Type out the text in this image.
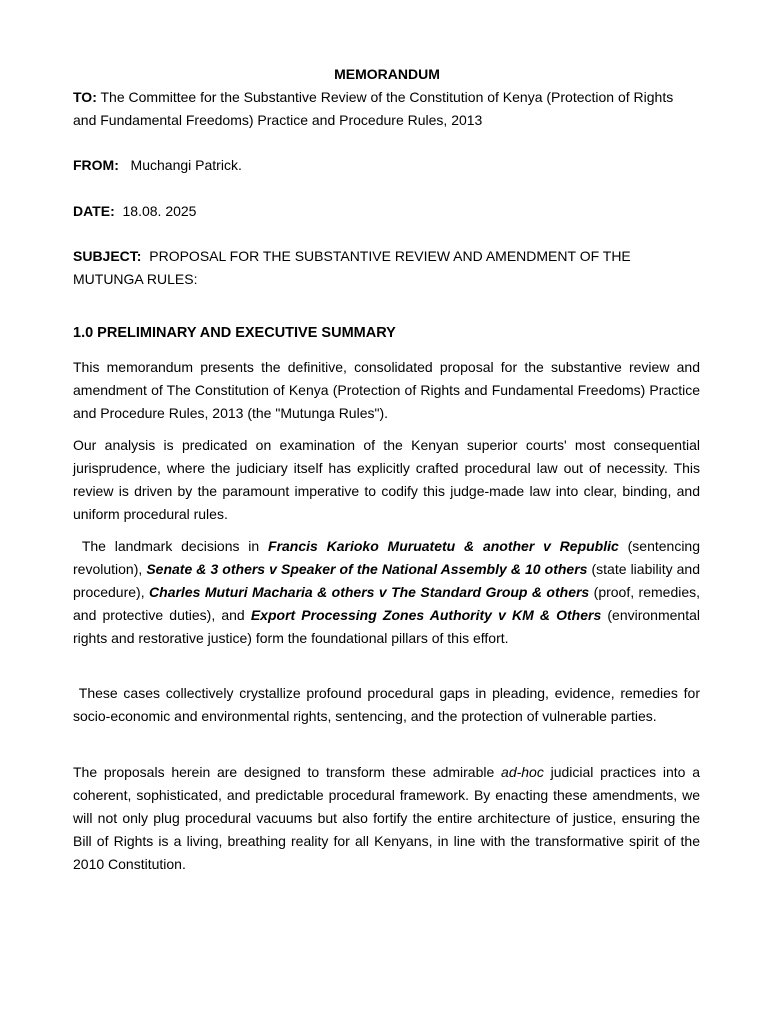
MEMORANDUM

TO: The Committee for the Substantive Review of the Constitution of Kenya (Protection of Rights and Fundamental Freedoms) Practice and Procedure Rules, 2013

FROM:   Muchangi Patrick.

DATE:  18.08. 2025

SUBJECT:  PROPOSAL FOR THE SUBSTANTIVE REVIEW AND AMENDMENT OF THE MUTUNGA RULES:

1.0 PRELIMINARY AND EXECUTIVE SUMMARY

This memorandum presents the definitive, consolidated proposal for the substantive review and amendment of The Constitution of Kenya (Protection of Rights and Fundamental Freedoms) Practice and Procedure Rules, 2013 (the "Mutunga Rules").

Our analysis is predicated on examination of the Kenyan superior courts' most consequential jurisprudence, where the judiciary itself has explicitly crafted procedural law out of necessity. This review is driven by the paramount imperative to codify this judge-made law into clear, binding, and uniform procedural rules.

The landmark decisions in Francis Karioko Muruatetu & another v Republic (sentencing revolution), Senate & 3 others v Speaker of the National Assembly & 10 others (state liability and procedure), Charles Muturi Macharia & others v The Standard Group & others (proof, remedies, and protective duties), and Export Processing Zones Authority v KM & Others (environmental rights and restorative justice) form the foundational pillars of this effort.

These cases collectively crystallize profound procedural gaps in pleading, evidence, remedies for socio-economic and environmental rights, sentencing, and the protection of vulnerable parties.

The proposals herein are designed to transform these admirable ad-hoc judicial practices into a coherent, sophisticated, and predictable procedural framework. By enacting these amendments, we will not only plug procedural vacuums but also fortify the entire architecture of justice, ensuring the Bill of Rights is a living, breathing reality for all Kenyans, in line with the transformative spirit of the 2010 Constitution.
